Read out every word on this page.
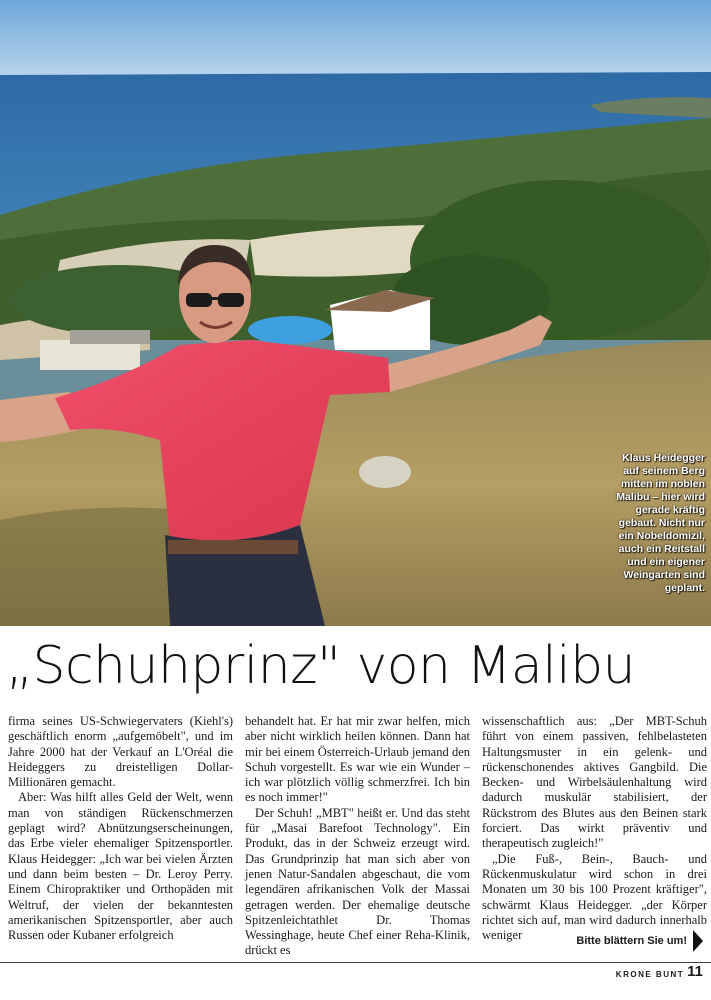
Klaus Heidegger auf seinem Berg mitten im noblen Malibu – hier wird gerade kräftig gebaut. Nicht nur ein Nobeldomizil, auch ein Reitstall und ein eigener Weingarten sind geplant.
„Schuhprinz" von Malibu

firma seines US-Schwiegervaters (Kiehl's) geschäftlich enorm „aufgemöbelt", und im Jahre 2000 hat der Verkauf an L'Oréal die Heideggers zu dreistelligen Dollar-Millionären gemacht.

Aber: Was hilft alles Geld der Welt, wenn man von ständigen Rückenschmerzen geplagt wird? Abnützungserscheinungen, das Erbe vieler ehemaliger Spitzensportler. Klaus Heidegger: „Ich war bei vielen Ärzten und dann beim besten – Dr. Leroy Perry. Einem Chiropraktiker und Orthopäden mit Weltruf, der vielen der bekanntesten amerikanischen Spitzensportler, aber auch Russen oder Kubaner erfolgreich

behandelt hat. Er hat mir zwar helfen, mich aber nicht wirklich heilen können. Dann hat mir bei einem Österreich-Urlaub jemand den Schuh vorgestellt. Es war wie ein Wunder – ich war plötzlich völlig schmerzfrei. Ich bin es noch immer!"

Der Schuh! „MBT" heißt er. Und das steht für „Masai Barefoot Technology". Ein Produkt, das in der Schweiz erzeugt wird. Das Grundprinzip hat man sich aber von jenen Natur-Sandalen abgeschaut, die vom legendären afrikanischen Volk der Massai getragen werden. Der ehemalige deutsche Spitzenleichtathlet Dr. Thomas Wessinghage, heute Chef einer Reha-Klinik, drückt es

wissenschaftlich aus: „Der MBT-Schuh führt von einem passiven, fehlbelasteten Haltungsmuster in ein gelenk- und rückenschonendes aktives Gangbild. Die Becken- und Wirbelsäulenhaltung wird dadurch muskulär stabilisiert, der Rückstrom des Blutes aus den Beinen stark forciert. Das wirkt präventiv und therapeutisch zugleich!"

„Die Fuß-, Bein-, Bauch- und Rückenmuskulatur wird schon in drei Monaten um 30 bis 100 Prozent kräftiger", schwärmt Klaus Heidegger. „der Körper richtet sich auf, man wird dadurch innerhalb weniger	Bitte blättern Sie um!
KRONE BUNT 11
